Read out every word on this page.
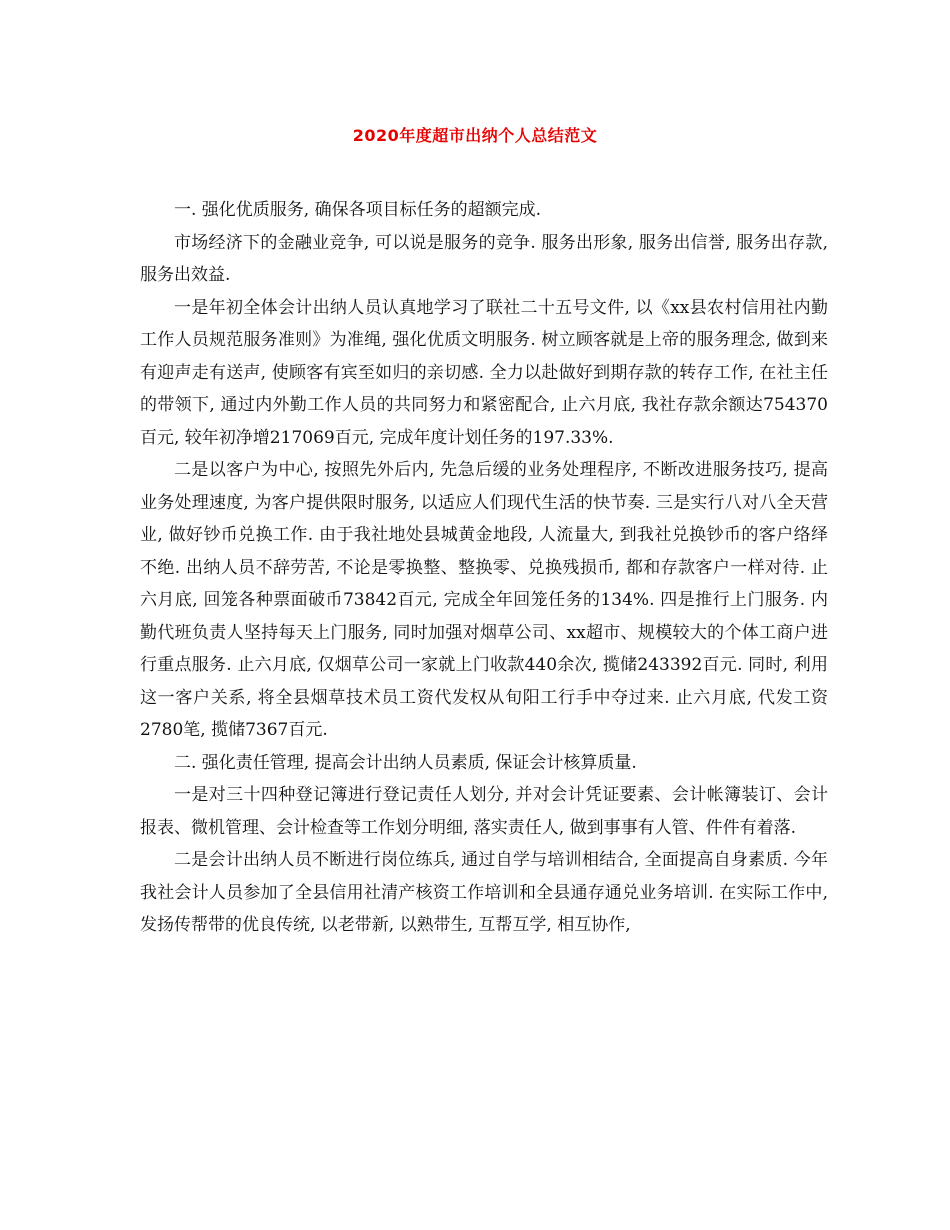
2020年度超市出纳个人总结范文

一. 强化优质服务, 确保各项目标任务的超额完成.

市场经济下的金融业竞争, 可以说是服务的竞争. 服务出形象, 服务出信誉, 服务出存款, 服务出效益.

一是年初全体会计出纳人员认真地学习了联社二十五号文件, 以《xx县农村信用社内勤工作人员规范服务准则》为准绳, 强化优质文明服务. 树立顾客就是上帝的服务理念, 做到来有迎声走有送声, 使顾客有宾至如归的亲切感. 全力以赴做好到期存款的转存工作, 在社主任的带领下, 通过内外勤工作人员的共同努力和紧密配合, 止六月底, 我社存款余额达754370百元, 较年初净增217069百元, 完成年度计划任务的197.33%.

二是以客户为中心, 按照先外后内, 先急后缓的业务处理程序, 不断改进服务技巧, 提高业务处理速度, 为客户提供限时服务, 以适应人们现代生活的快节奏. 三是实行八对八全天营业, 做好钞币兑换工作. 由于我社地处县城黄金地段, 人流量大, 到我社兑换钞币的客户络绎不绝. 出纳人员不辞劳苦, 不论是零换整、整换零、兑换残损币, 都和存款客户一样对待. 止六月底, 回笼各种票面破币73842百元, 完成全年回笼任务的134%. 四是推行上门服务. 内勤代班负责人坚持每天上门服务, 同时加强对烟草公司、xx超市、规模较大的个体工商户进行重点服务. 止六月底, 仅烟草公司一家就上门收款440余次, 揽储243392百元. 同时, 利用这一客户关系, 将全县烟草技术员工资代发权从旬阳工行手中夺过来. 止六月底, 代发工资2780笔, 揽储7367百元.

二. 强化责任管理, 提高会计出纳人员素质, 保证会计核算质量.

一是对三十四种登记簿进行登记责任人划分, 并对会计凭证要素、会计帐簿装订、会计报表、微机管理、会计检查等工作划分明细, 落实责任人, 做到事事有人管、件件有着落.

二是会计出纳人员不断进行岗位练兵, 通过自学与培训相结合, 全面提高自身素质. 今年我社会计人员参加了全县信用社清产核资工作培训和全县通存通兑业务培训. 在实际工作中, 发扬传帮带的优良传统, 以老带新, 以熟带生, 互帮互学, 相互协作,
